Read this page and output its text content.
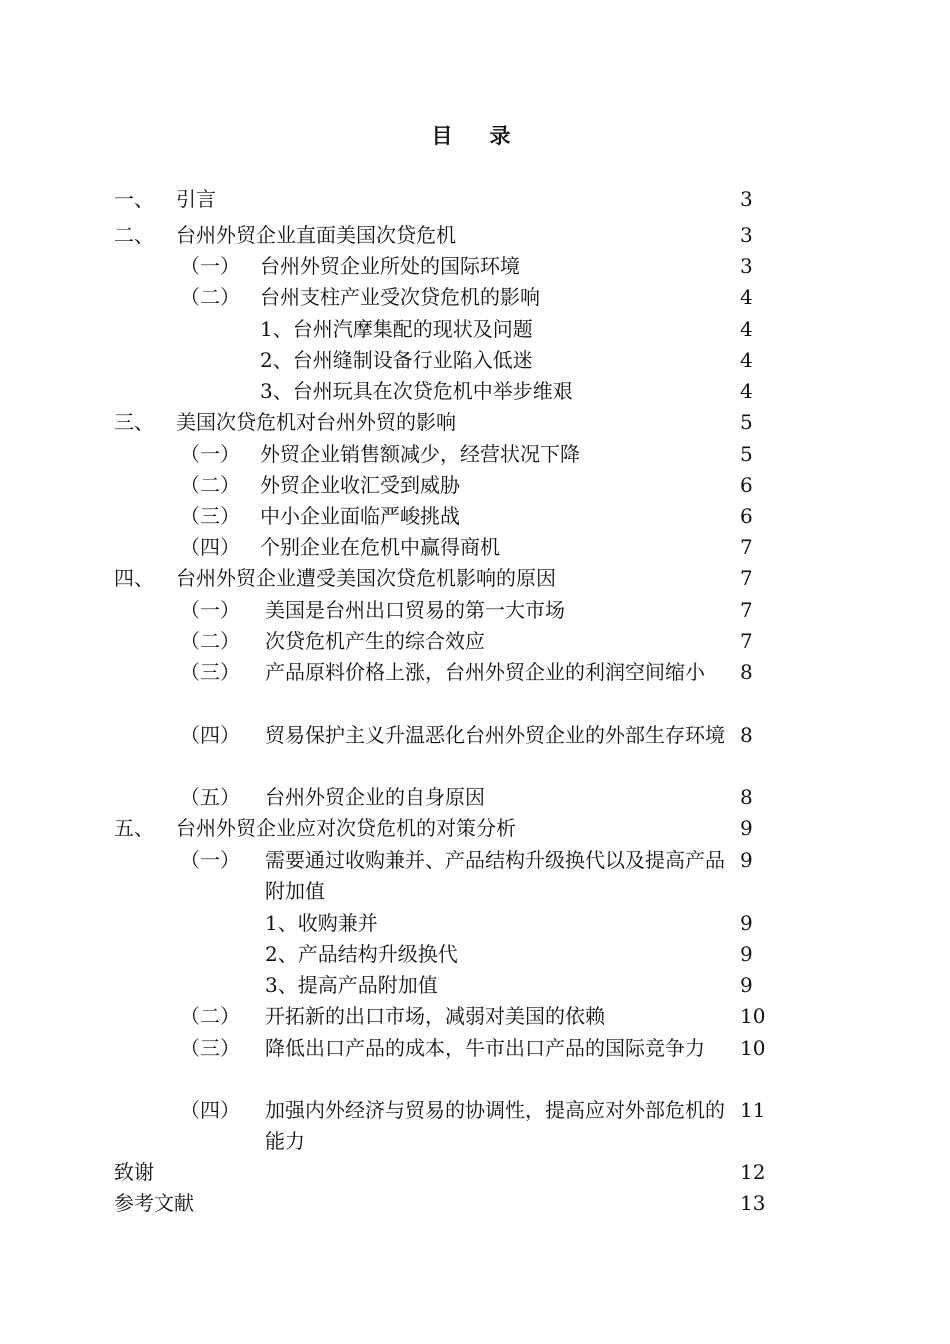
目　录
一、 引言	3
二、 台州外贸企业直面美国次贷危机	3
（一） 台州外贸企业所处的国际环境	3
（二） 台州支柱产业受次贷危机的影响	4
1、台州汽摩集配的现状及问题	4
2、台州缝制设备行业陷入低迷	4
3、台州玩具在次贷危机中举步维艰	4
三、 美国次贷危机对台州外贸的影响	5
（一） 外贸企业销售额减少，经营状况下降	5
（二） 外贸企业收汇受到威胁	6
（三） 中小企业面临严峻挑战	6
（四） 个别企业在危机中赢得商机	7
四、 台州外贸企业遭受美国次贷危机影响的原因	7
（一） 美国是台州出口贸易的第一大市场	7
（二） 次贷危机产生的综合效应	7
（三） 产品原料价格上涨，台州外贸企业的利润空间缩小	8
（四） 贸易保护主义升温恶化台州外贸企业的外部生存环境 8
（五） 台州外贸企业的自身原因	8
五、 台州外贸企业应对次贷危机的对策分析	9
（一） 需要通过收购兼并、产品结构升级换代以及提高产品附加值
9
1、收购兼并	9
2、产品结构升级换代	9
3、提高产品附加值	9
（二） 开拓新的出口市场，减弱对美国的依赖	10
（三） 降低出口产品的成本，牛市出口产品的国际竞争力	10
（四） 加强内外经济与贸易的协调性，提高应对外部危机的能力
11
致谢	12
参考文献	13
